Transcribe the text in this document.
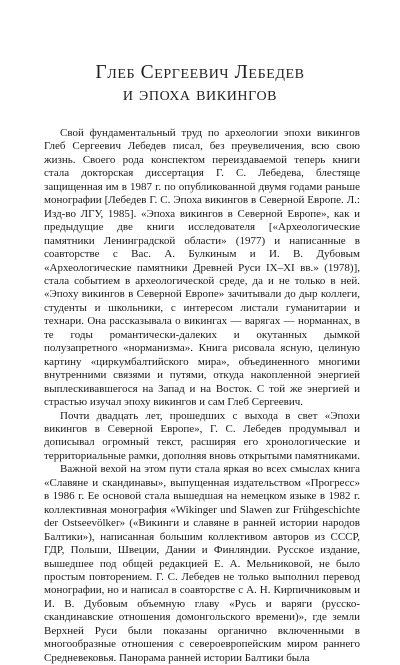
Глеб Сергеевич Лебедев

и эпоха викингов

Свой фундаментальный труд по археологии эпохи викингов Глеб Сергеевич Лебедев писал, без преувеличения, всю свою жизнь. Своего рода конспектом переиздаваемой теперь книги стала докторская диссертация Г. С. Лебедева, блестяще защищенная им в 1987 г. по опубликованной двумя годами раньше монографии [Лебедев Г. С. Эпоха викингов в Северной Европе. Л.: Изд-во ЛГУ, 1985]. «Эпоха викингов в Северной Европе», как и предыдущие две книги исследователя [«Археологические памятники Ленинградской области» (1977) и написанные в соавторстве с Вас. А. Булкиным и И. В. Дубовым «Археологические памятники Древней Руси IX–XI вв.» (1978)], стала событием в археологической среде, да и не только в ней. «Эпоху викингов в Северной Европе» зачитывали до дыр коллеги, студенты и школьники, с интересом листали гуманитарии и технари. Она рассказывала о викингах — варягах — норманнах, в те годы романтически-далеких и окутанных дымкой полузапретного «норманизма». Книга рисовала ясную, целиную картину «циркумбалтийского мира», объединенного многими внутренними связями и путями, откуда накопленной энергией выплескивавшегося на Запад и на Восток. С той же энергией и страстью изучал эпоху викингов и сам Глеб Сергеевич.

Почти двадцать лет, прошедших с выхода в свет «Эпохи викингов в Северной Европе», Г. С. Лебедев продумывал и дописывал огромный текст, расширяя его хронологические и территориальные рамки, дополняя вновь открытыми памятниками.

Важной вехой на этом пути стала яркая во всех смыслах книга «Славяне и скандинавы», выпущенная издательством «Прогресс» в 1986 г. Ее основой стала вышедшая на немецком языке в 1982 г. коллективная монография «Wikinger und Slawen zur Frühgeschichte der Ostseevölker» («Викинги и славяне в ранней истории народов Балтики»), написанная большим коллективом авторов из СССР, ГДР, Польши, Швеции, Дании и Финляндии. Русское издание, вышедшее под общей редакцией Е. А. Мельниковой, не было простым повторением. Г. С. Лебедев не только выполнил перевод монографии, но и написал в соавторстве с А. Н. Кирпичниковым и И. В. Дубовым объемную главу «Русь и варяги (русско-скандинавские отношения домонгольского времени)», где земли Верхней Руси были показаны органично включенными в многообразные отношения с североевропейским миром раннего Средневековья. Панорама ранней истории Балтики была
